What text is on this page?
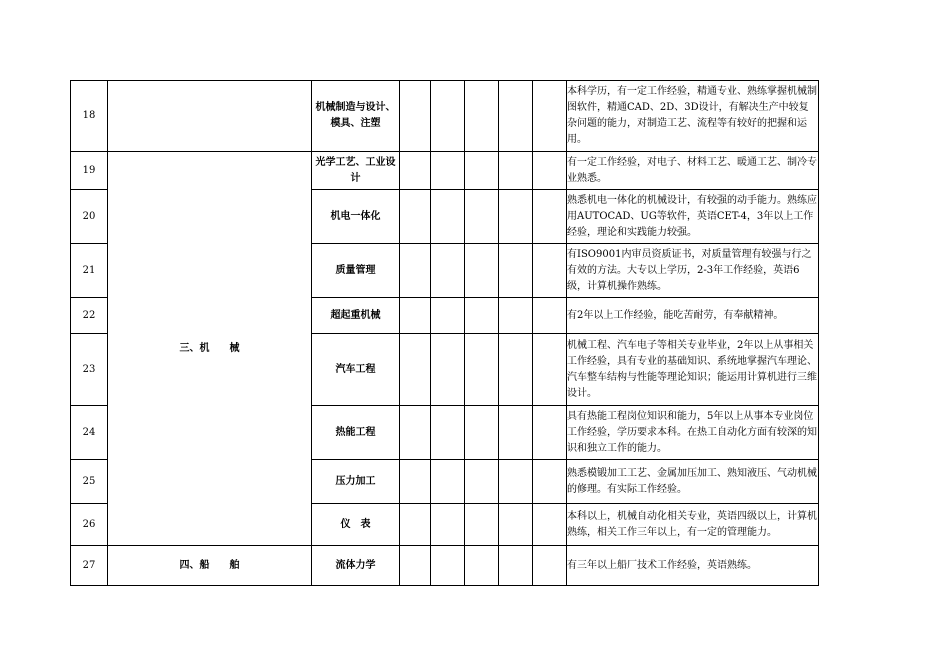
18		机械制造与设计、模具、注塑						本科学历，有一定工作经验，精通专业、熟练掌握机械制图软件，精通CAD、2D、3D设计，有解决生产中较复杂问题的能力，对制造工艺、流程等有较好的把握和运用。
19	三、机　　械	光学工艺、工业设计						有一定工作经验，对电子、材料工艺、暖通工艺、制冷专业熟悉。
20		机电一体化						熟悉机电一体化的机械设计，有较强的动手能力。熟练应用AUTOCAD、UG等软件，英语CET-4，3年以上工作经验，理论和实践能力较强。
21		质量管理						有ISO9001内审员资质证书，对质量管理有较强与行之有效的方法。大专以上学历，2-3年工作经验，英语6级，计算机操作熟练。
22		超起重机械						有2年以上工作经验，能吃苦耐劳，有奉献精神。
23		汽车工程						机械工程、汽车电子等相关专业毕业，2年以上从事相关工作经验，具有专业的基础知识、系统地掌握汽车理论、汽车整车结构与性能等理论知识；能运用计算机进行三维设计。
24		热能工程						具有热能工程岗位知识和能力，5年以上从事本专业岗位工作经验，学历要求本科。在热工自动化方面有较深的知识和独立工作的能力。
25		压力加工						熟悉模锻加工工艺、金属加压加工、熟知液压、气动机械的修理。有实际工作经验。
26		仪　表						本科以上，机械自动化相关专业，英语四级以上，计算机熟练，相关工作三年以上，有一定的管理能力。
27	四、船　　舶	流体力学						有三年以上船厂技术工作经验，英语熟练。
